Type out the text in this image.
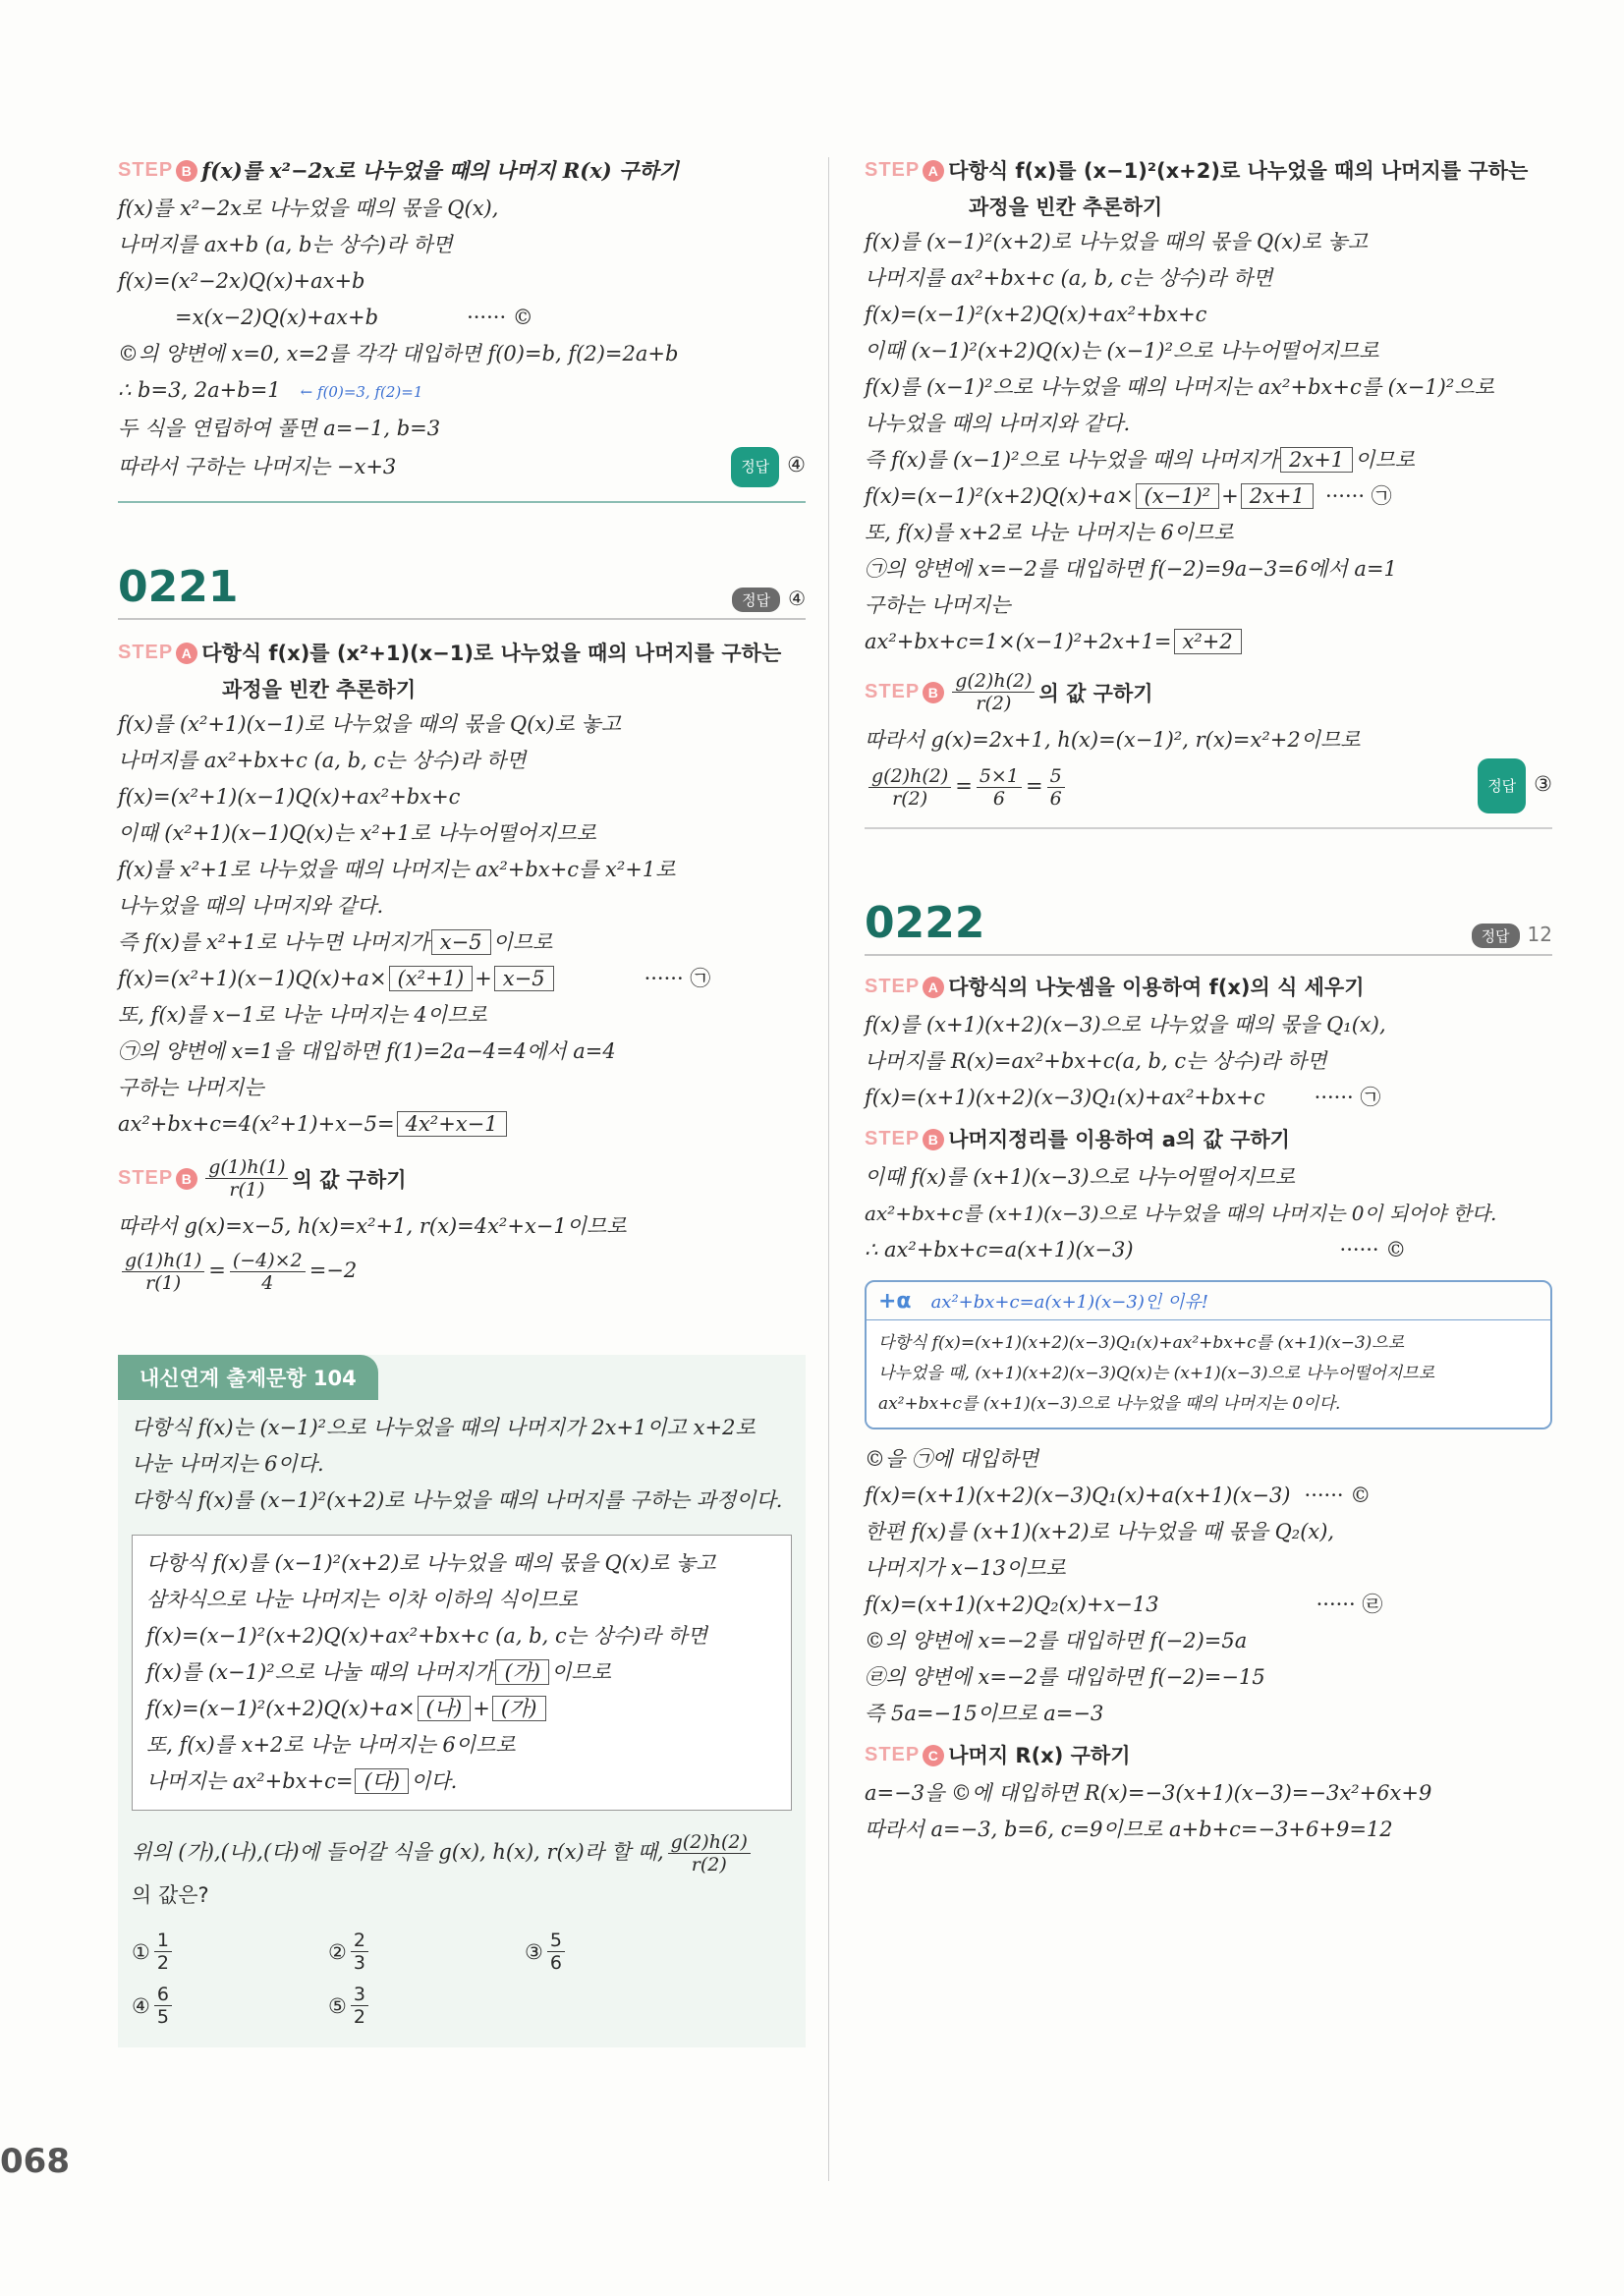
STEP B f(x)를 x²−2x로 나누었을 때의 나머지 R(x) 구하기
f(x)를 x²−2x로 나누었을 때의 몫을 Q(x),
나머지를 ax+b (a, b는 상수)라 하면
f(x)=(x²−2x)Q(x)+ax+b
=x(x−2)Q(x)+ax+b	······ ©
©의 양변에 x=0, x=2를 각각 대입하면 f(0)=b, f(2)=2a+b
∴ b=3, 2a+b=1 ← f(0)=3, f(2)=1
두 식을 연립하여 풀면 a=−1, b=3
따라서 구하는 나머지는 −x+3	정답 ④
0221	정답 ④
STEP A 다항식 f(x)를 (x²+1)(x−1)로 나누었을 때의 나머지를 구하는
과정을 빈칸 추론하기
f(x)를 (x²+1)(x−1)로 나누었을 때의 몫을 Q(x)로 놓고
나머지를 ax²+bx+c (a, b, c는 상수)라 하면
f(x)=(x²+1)(x−1)Q(x)+ax²+bx+c
이때 (x²+1)(x−1)Q(x)는 x²+1로 나누어떨어지므로
f(x)를 x²+1로 나누었을 때의 나머지는 ax²+bx+c를 x²+1로
나누었을 때의 나머지와 같다.
즉 f(x)를 x²+1로 나누면 나머지가 x−5 이므로
f(x)=(x²+1)(x−1)Q(x)+a× (x²+1) + x−5	······ ㉠
또, f(x)를 x−1로 나눈 나머지는 4이므로
㉠의 양변에 x=1을 대입하면 f(1)=2a−4=4에서 a=4
구하는 나머지는
ax²+bx+c=4(x²+1)+x−5= 4x²+x−1
STEP B $\frac{g(1)h(1)}{r(1)}$ 의 값 구하기
따라서 g(x)=x−5, h(x)=x²+1, r(x)=4x²+x−1이므로
$\frac{g(1)h(1)}{r(1)} = \frac{(-4)\times 2}{4} =-2$
내신연계 출제문항 104
다항식 f(x)는 (x−1)²으로 나누었을 때의 나머지가 2x+1이고 x+2로
나눈 나머지는 6이다.
다항식 f(x)를 (x−1)²(x+2)로 나누었을 때의 나머지를 구하는 과정이다.
다항식 f(x)를 (x−1)²(x+2)로 나누었을 때의 몫을 Q(x)로 놓고
삼차식으로 나눈 나머지는 이차 이하의 식이므로
f(x)=(x−1)²(x+2)Q(x)+ax²+bx+c (a, b, c는 상수)라 하면
f(x)를 (x−1)²으로 나눌 때의 나머지가 (가) 이므로
f(x)=(x−1)²(x+2)Q(x)+a× (나) + (가)
또, f(x)를 x+2로 나눈 나머지는 6이므로
나머지는 ax²+bx+c= (다) 이다.
위의 (가),(나),(다)에 들어갈 식을 g(x), h(x), r(x)라 할 때, $\frac{g(2)h(2)}{r(2)}$
의 값은?
① $\frac{1}{2}$	② $\frac{2}{3}$	③ $\frac{5}{6}$
④ $\frac{6}{5}$	⑤ $\frac{3}{2}$
STEP A 다항식 f(x)를 (x−1)²(x+2)로 나누었을 때의 나머지를 구하는
과정을 빈칸 추론하기
f(x)를 (x−1)²(x+2)로 나누었을 때의 몫을 Q(x)로 놓고
나머지를 ax²+bx+c (a, b, c는 상수)라 하면
f(x)=(x−1)²(x+2)Q(x)+ax²+bx+c
이때 (x−1)²(x+2)Q(x)는 (x−1)²으로 나누어떨어지므로
f(x)를 (x−1)²으로 나누었을 때의 나머지는 ax²+bx+c를 (x−1)²으로
나누었을 때의 나머지와 같다.
즉 f(x)를 (x−1)²으로 나누었을 때의 나머지가 2x+1 이므로
f(x)=(x−1)²(x+2)Q(x)+a× (x−1)² + 2x+1 ······ ㉠
또, f(x)를 x+2로 나눈 나머지는 6이므로
㉠의 양변에 x=−2를 대입하면 f(−2)=9a−3=6에서 a=1
구하는 나머지는
ax²+bx+c=1×(x−1)²+2x+1= x²+2
STEP B $\frac{g(2)h(2)}{r(2)}$ 의 값 구하기
따라서 g(x)=2x+1, h(x)=(x−1)², r(x)=x²+2이므로
$\frac{g(2)h(2)}{r(2)} = \frac{5\times 1}{6} = \frac{5}{6}$	정답 ③
0222	정답 12
STEP A 다항식의 나눗셈을 이용하여 f(x)의 식 세우기
f(x)를 (x+1)(x+2)(x−3)으로 나누었을 때의 몫을 Q₁(x),
나머지를 R(x)=ax²+bx+c(a, b, c는 상수)라 하면
f(x)=(x+1)(x+2)(x−3)Q₁(x)+ax²+bx+c ······ ㉠
STEP B 나머지정리를 이용하여 a의 값 구하기
이때 f(x)를 (x+1)(x−3)으로 나누어떨어지므로
ax²+bx+c를 (x+1)(x−3)으로 나누었을 때의 나머지는 0이 되어야 한다.
∴ ax²+bx+c=a(x+1)(x−3)	······ ©
+α ax²+bx+c=a(x+1)(x−3)인 이유!
다항식 f(x)=(x+1)(x+2)(x−3)Q₁(x)+ax²+bx+c를 (x+1)(x−3)으로
나누었을 때, (x+1)(x+2)(x−3)Q(x)는 (x+1)(x−3)으로 나누어떨어지므로
ax²+bx+c를 (x+1)(x−3)으로 나누었을 때의 나머지는 0이다.
©을 ㉠에 대입하면
f(x)=(x+1)(x+2)(x−3)Q₁(x)+a(x+1)(x−3) ······ ©
한편 f(x)를 (x+1)(x+2)로 나누었을 때 몫을 Q₂(x),
나머지가 x−13이므로
f(x)=(x+1)(x+2)Q₂(x)+x−13	······ ㉣
©의 양변에 x=−2를 대입하면 f(−2)=5a
㉣의 양변에 x=−2를 대입하면 f(−2)=−15
즉 5a=−15이므로 a=−3
STEP C 나머지 R(x) 구하기
a=−3을 ©에 대입하면 R(x)=−3(x+1)(x−3)=−3x²+6x+9
따라서 a=−3, b=6, c=9이므로 a+b+c=−3+6+9=12
068
